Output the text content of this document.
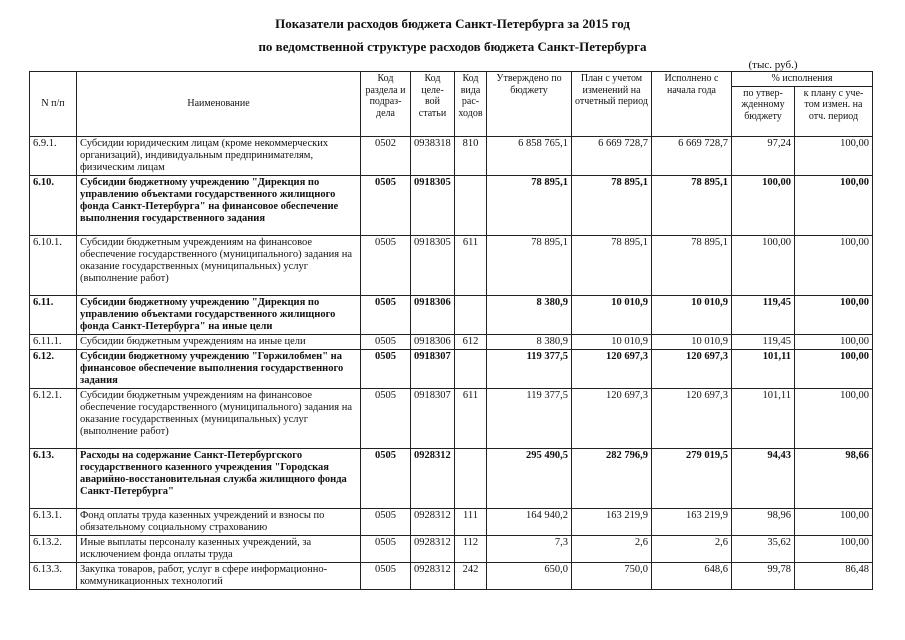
Показатели расходов бюджета Санкт-Петербурга за 2015 год
по ведомственной структуре расходов бюджета Санкт-Петербурга
(тыс. руб.)
N п/п	Наименование	Код раздела и подраз-дела	Код целе-вой статьи	Код вида рас-ходов	Утверждено по бюджету	План с учетом изменений на отчетный период	Исполнено с начала года	% исполнения	
								по утвер-жденному бюджету	к плану с уче-том измен. на отч. период
6.9.1.	Субсидии юридическим лицам (кроме некоммерческих организаций), индивидуальным предпринимателям, физическим лицам	0502	0938318	810	6 858 765,1	6 669 728,7	6 669 728,7	97,24	100,00
6.10.	Субсидии бюджетному учреждению "Дирекция по управлению объектами государственного жилищного фонда Санкт-Петербурга" на финансовое обеспечение выполнения государственного задания	0505	0918305		78 895,1	78 895,1	78 895,1	100,00	100,00
6.10.1.	Субсидии бюджетным учреждениям на финансовое обеспечение государственного (муниципального) задания на оказание государственных (муниципальных) услуг (выполнение работ)	0505	0918305	611	78 895,1	78 895,1	78 895,1	100,00	100,00
6.11.	Субсидии бюджетному учреждению "Дирекция по управлению объектами государственного жилищного фонда Санкт-Петербурга" на иные цели	0505	0918306		8 380,9	10 010,9	10 010,9	119,45	100,00
6.11.1.	Субсидии бюджетным учреждениям на иные цели	0505	0918306	612	8 380,9	10 010,9	10 010,9	119,45	100,00
6.12.	Субсидии бюджетному учреждению "Горжилобмен" на финансовое обеспечение выполнения государственного задания	0505	0918307		119 377,5	120 697,3	120 697,3	101,11	100,00
6.12.1.	Субсидии бюджетным учреждениям на финансовое обеспечение государственного (муниципального) задания на оказание государственных (муниципальных) услуг (выполнение работ)	0505	0918307	611	119 377,5	120 697,3	120 697,3	101,11	100,00
6.13.	Расходы на содержание Санкт-Петербургского государственного казенного учреждения "Городская аварийно-восстановительная служба жилищного фонда Санкт-Петербурга"	0505	0928312		295 490,5	282 796,9	279 019,5	94,43	98,66
6.13.1.	Фонд оплаты труда казенных учреждений и взносы по обязательному социальному страхованию	0505	0928312	111	164 940,2	163 219,9	163 219,9	98,96	100,00
6.13.2.	Иные выплаты персоналу казенных учреждений, за исключением фонда оплаты труда	0505	0928312	112	7,3	2,6	2,6	35,62	100,00
6.13.3.	Закупка товаров, работ, услуг в сфере информационно-коммуникационных технологий	0505	0928312	242	650,0	750,0	648,6	99,78	86,48
